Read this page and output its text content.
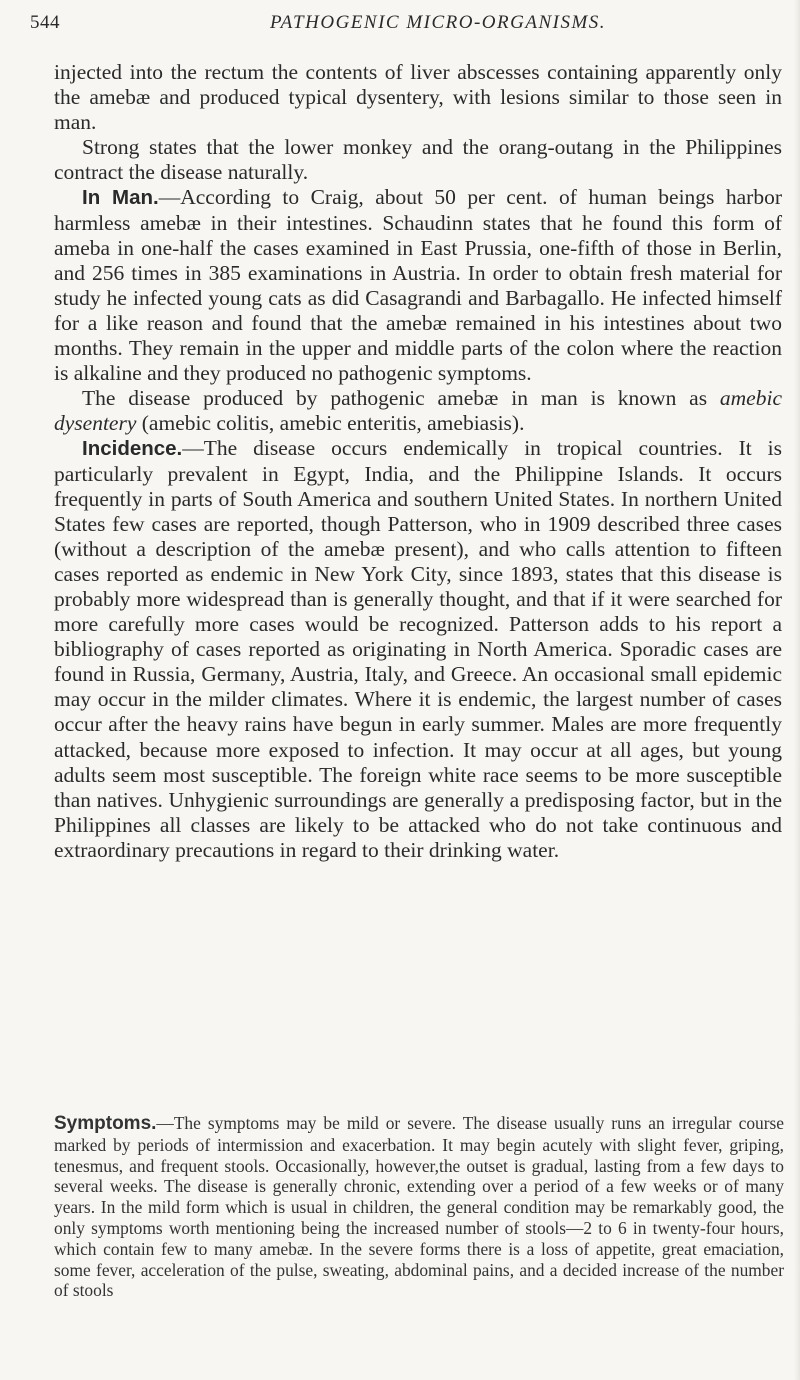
544	PATHOGENIC MICRO-ORGANISMS.

injected into the rectum the contents of liver abscesses containing apparently only the amebæ and produced typical dysentery, with lesions similar to those seen in man.

Strong states that the lower monkey and the orang-outang in the Philippines contract the disease naturally.

In Man.—According to Craig, about 50 per cent. of human beings harbor harmless amebæ in their intestines. Schaudinn states that he found this form of ameba in one-half the cases examined in East Prussia, one-fifth of those in Berlin, and 256 times in 385 examinations in Austria. In order to obtain fresh material for study he infected young cats as did Casagrandi and Barbagallo. He infected himself for a like reason and found that the amebæ remained in his intestines about two months. They remain in the upper and middle parts of the colon where the reaction is alkaline and they produced no pathogenic symptoms.

The disease produced by pathogenic amebæ in man is known as amebic dysentery (amebic colitis, amebic enteritis, amebiasis).

Incidence.—The disease occurs endemically in tropical countries. It is particularly prevalent in Egypt, India, and the Philippine Islands. It occurs frequently in parts of South America and southern United States. In northern United States few cases are reported, though Patterson, who in 1909 described three cases (without a description of the amebæ present), and who calls attention to fifteen cases reported as endemic in New York City, since 1893, states that this disease is probably more widespread than is generally thought, and that if it were searched for more carefully more cases would be recognized. Patterson adds to his report a bibliography of cases reported as originating in North America. Sporadic cases are found in Russia, Germany, Austria, Italy, and Greece. An occasional small epidemic may occur in the milder climates. Where it is endemic, the largest number of cases occur after the heavy rains have begun in early summer. Males are more frequently attacked, because more exposed to infection. It may occur at all ages, but young adults seem most susceptible. The foreign white race seems to be more susceptible than natives. Unhygienic surroundings are generally a predisposing factor, but in the Philippines all classes are likely to be attacked who do not take continuous and extraordinary precautions in regard to their drinking water.

Symptoms.—The symptoms may be mild or severe. The disease usually runs an irregular course marked by periods of intermission and exacerbation. It may begin acutely with slight fever, griping, tenesmus, and frequent stools. Occasionally, however,the outset is gradual, lasting from a few days to several weeks. The disease is generally chronic, extending over a period of a few weeks or of many years. In the mild form which is usual in children, the general condition may be remarkably good, the only symptoms worth mentioning being the increased number of stools—2 to 6 in twenty-four hours, which contain few to many amebæ. In the severe forms there is a loss of appetite, great emaciation, some fever, acceleration of the pulse, sweating, abdominal pains, and a decided increase of the number of stools
